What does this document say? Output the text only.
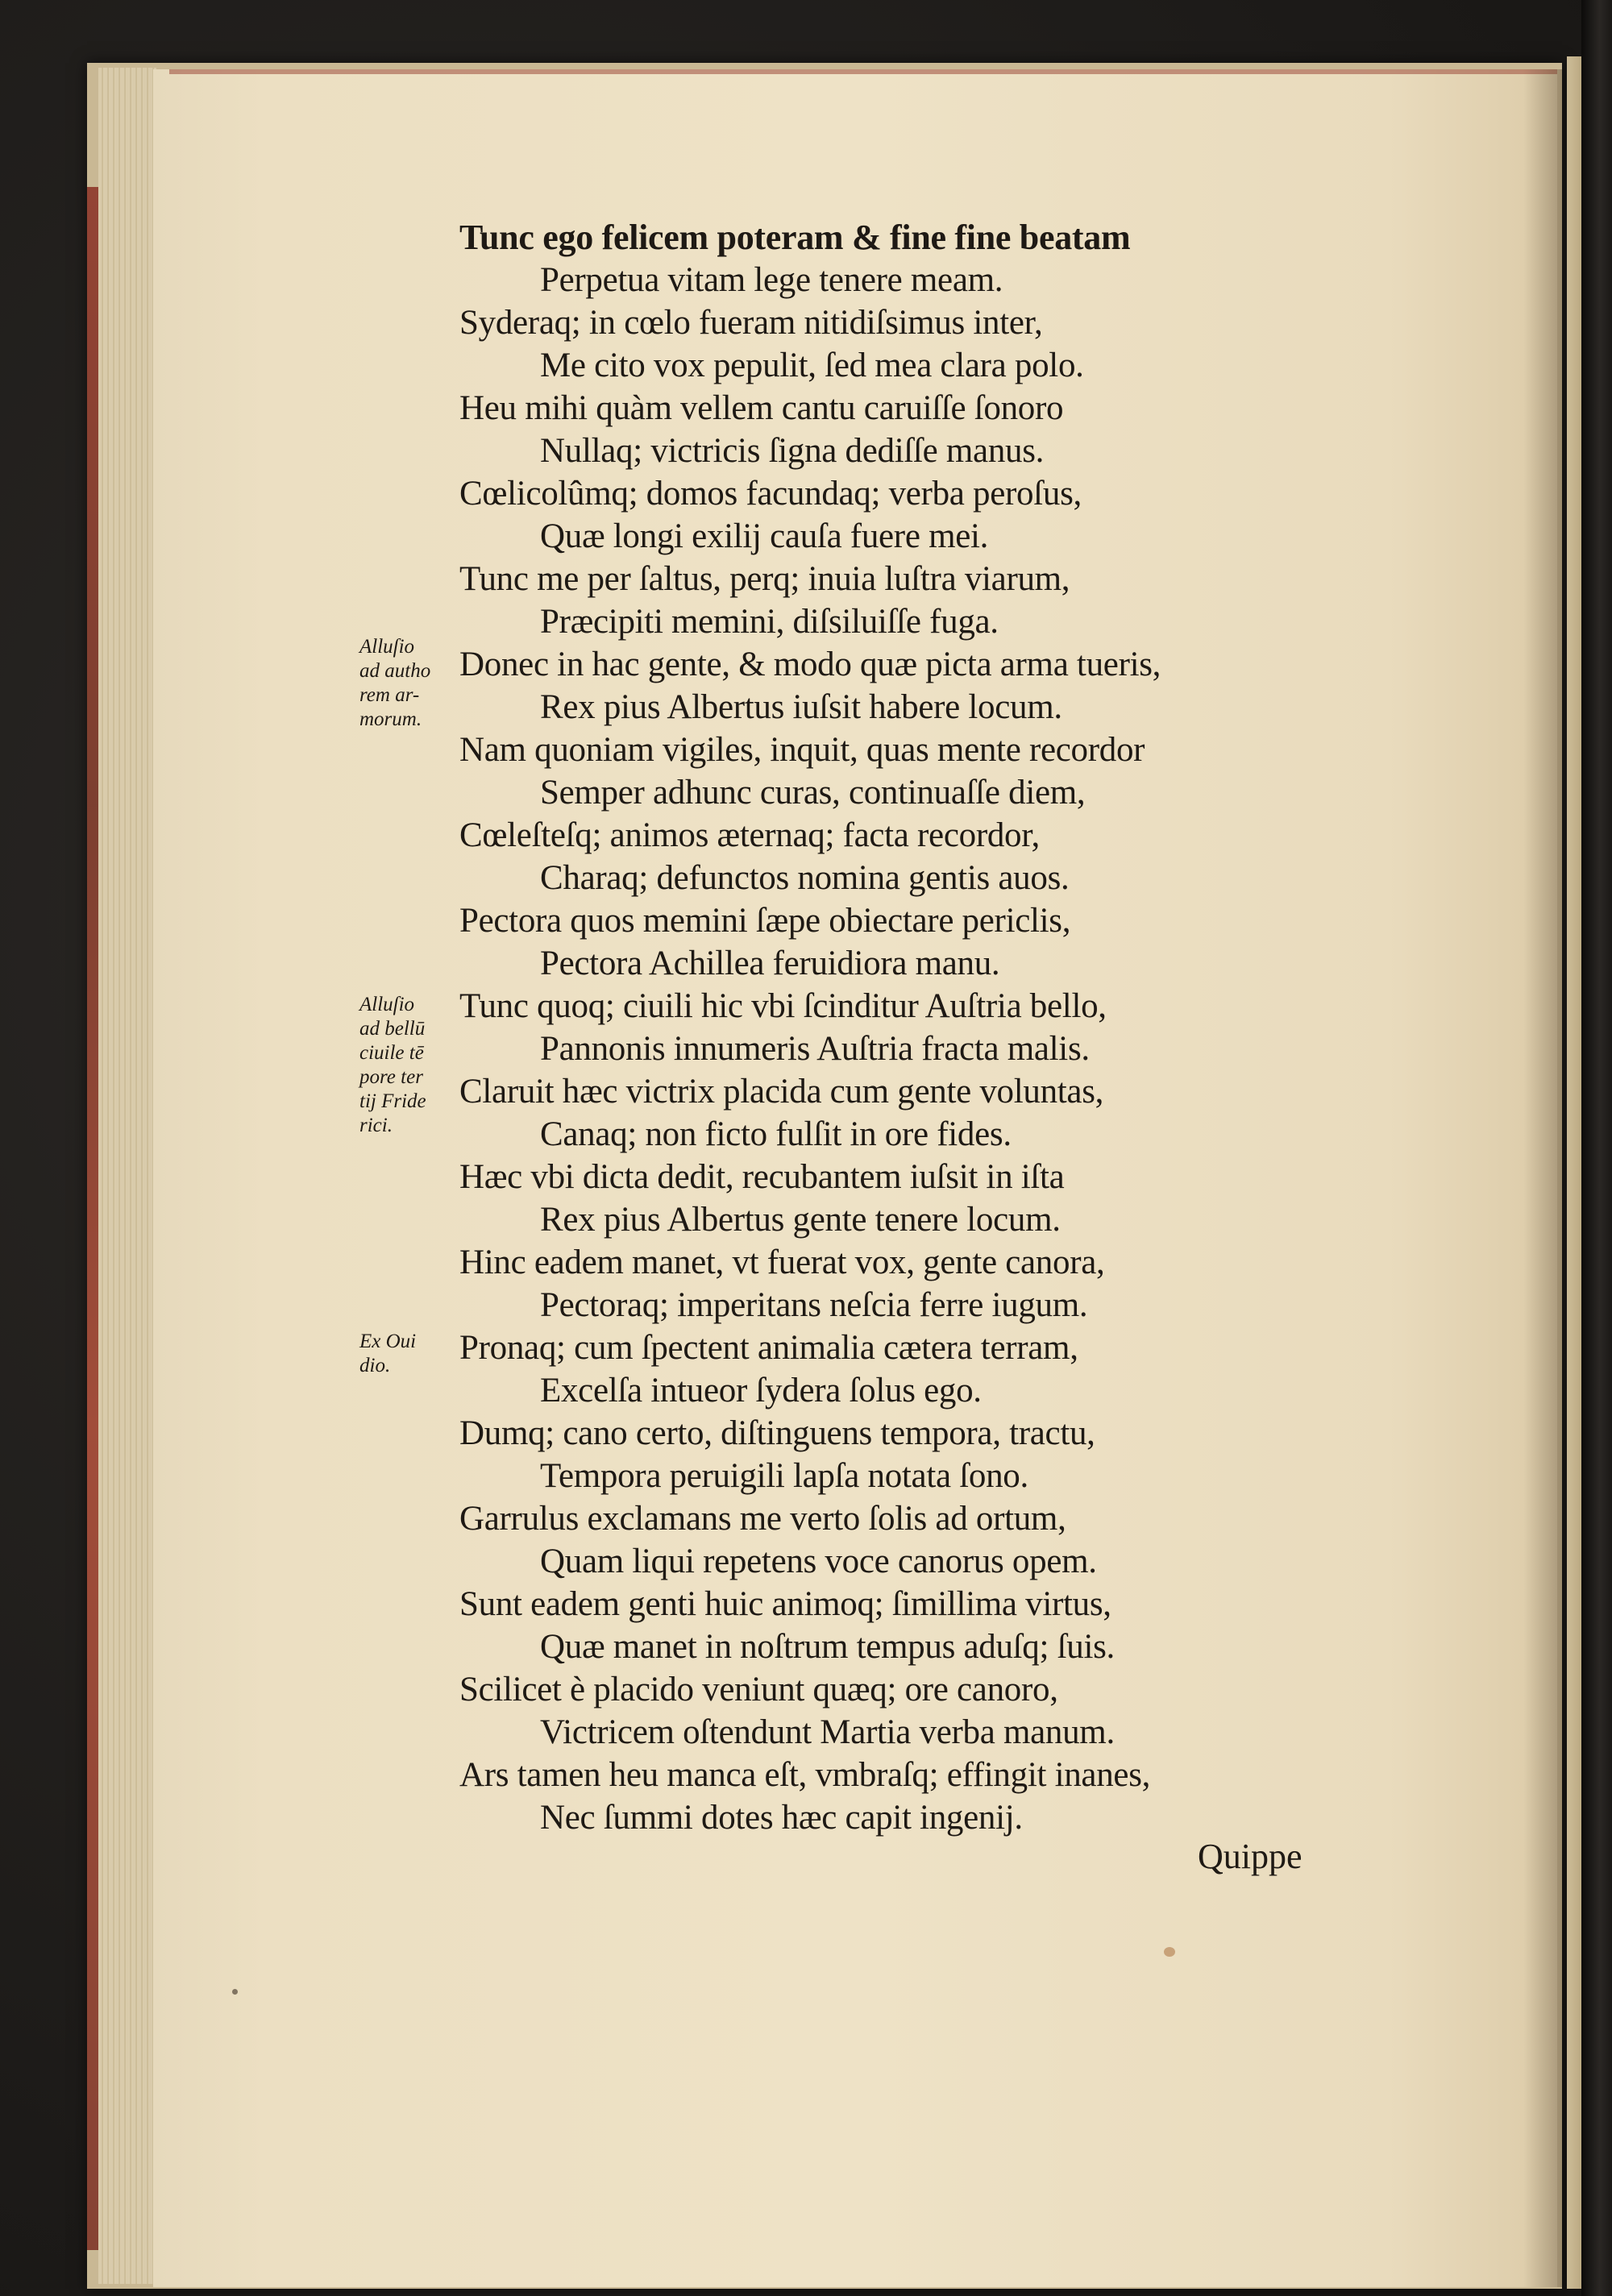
Tunc ego felicem poteram & fine fine beatam
Perpetua vitam lege tenere meam.
Syderaq; in cœlo fueram nitidiſsimus inter,
Me cito vox pepulit, ſed mea clara polo.
Heu mihi quàm vellem cantu caruiſſe ſonoro
Nullaq; victricis ſigna dediſſe manus.
Cœlicolûmq; domos facundaq; verba peroſus,
Quæ longi exilij cauſa fuere mei.
Tunc me per ſaltus, perq; inuia luſtra viarum,
Præcipiti memini, diſsiluiſſe fuga.
Donec in hac gente, & modo quæ picta arma tueris,
Rex pius Albertus iuſsit habere locum.
Nam quoniam vigiles, inquit, quas mente recordor
Semper adhunc curas, continuaſſe diem,
Cœleſteſq; animos æternaq; facta recordor,
Charaq; defunctos nomina gentis auos.
Pectora quos memini ſæpe obiectare periclis,
Pectora Achillea feruidiora manu.
Tunc quoq; ciuili hic vbi ſcinditur Auſtria bello,
Pannonis innumeris Auſtria fracta malis.
Claruit hæc victrix placida cum gente voluntas,
Canaq; non ficto fulſit in ore fides.
Hæc vbi dicta dedit, recubantem iuſsit in iſta
Rex pius Albertus gente tenere locum.
Hinc eadem manet, vt fuerat vox, gente canora,
Pectoraq; imperitans neſcia ferre iugum.
Pronaq; cum ſpectent animalia cætera terram,
Excelſa intueor ſydera ſolus ego.
Dumq; cano certo, diſtinguens tempora, tractu,
Tempora peruigili lapſa notata ſono.
Garrulus exclamans me verto ſolis ad ortum,
Quam liqui repetens voce canorus opem.
Sunt eadem genti huic animoq; ſimillima virtus,
Quæ manet in noſtrum tempus aduſq; ſuis.
Scilicet è placido veniunt quæq; ore canoro,
Victricem oſtendunt Martia verba manum.
Ars tamen heu manca eſt, vmbraſq; effingit inanes,
Nec ſummi dotes hæc capit ingenij.
Alluſio
ad autho
rem ar-
morum.
Alluſio
ad bellū
ciuile tē
pore ter
tij Fride
rici.
Ex Oui
dio.
Quippe
